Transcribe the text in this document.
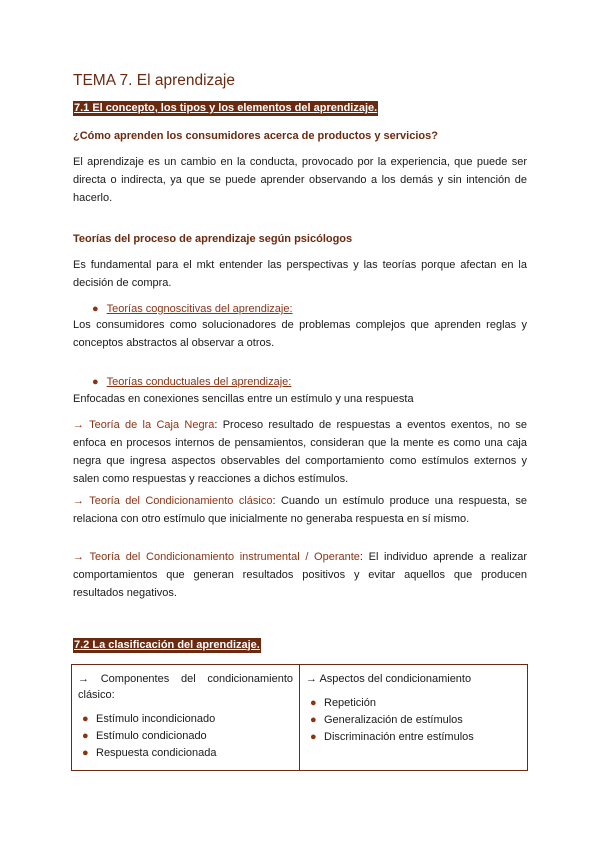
TEMA 7. El aprendizaje
7.1 El concepto, los tipos y los elementos del aprendizaje.
¿Cómo aprenden los consumidores acerca de productos y servicios?
El aprendizaje es un cambio en la conducta, provocado por la experiencia, que puede ser directa o indirecta, ya que se puede aprender observando a los demás y sin intención de hacerlo.
Teorías del proceso de aprendizaje según psicólogos
Es fundamental para el mkt entender las perspectivas y las teorías porque afectan en la decisión de compra.
● Teorías cognoscitivas del aprendizaje:
Los consumidores como solucionadores de problemas complejos que aprenden reglas y conceptos abstractos al observar a otros.
● Teorías conductuales del aprendizaje:
Enfocadas en conexiones sencillas entre un estímulo y una respuesta
→ Teoría de la Caja Negra: Proceso resultado de respuestas a eventos exentos, no se enfoca en procesos internos de pensamientos, consideran que la mente es como una caja negra que ingresa aspectos observables del comportamiento como estímulos externos y salen como respuestas y reacciones a dichos estímulos.
→ Teoría del Condicionamiento clásico: Cuando un estímulo produce una respuesta, se relaciona con otro estímulo que inicialmente no generaba respuesta en sí mismo.
→ Teoría del Condicionamiento instrumental / Operante: El individuo aprende a realizar comportamientos que generan resultados positivos y evitar aquellos que producen resultados negativos.
7.2 La clasificación del aprendizaje.
→ Componentes del condicionamiento
clásico:
● Estímulo incondicionado
● Estímulo condicionado
● Respuesta condicionada
	→ Aspectos del condicionamiento
● Repetición
● Generalización de estímulos
● Discriminación entre estímulos
